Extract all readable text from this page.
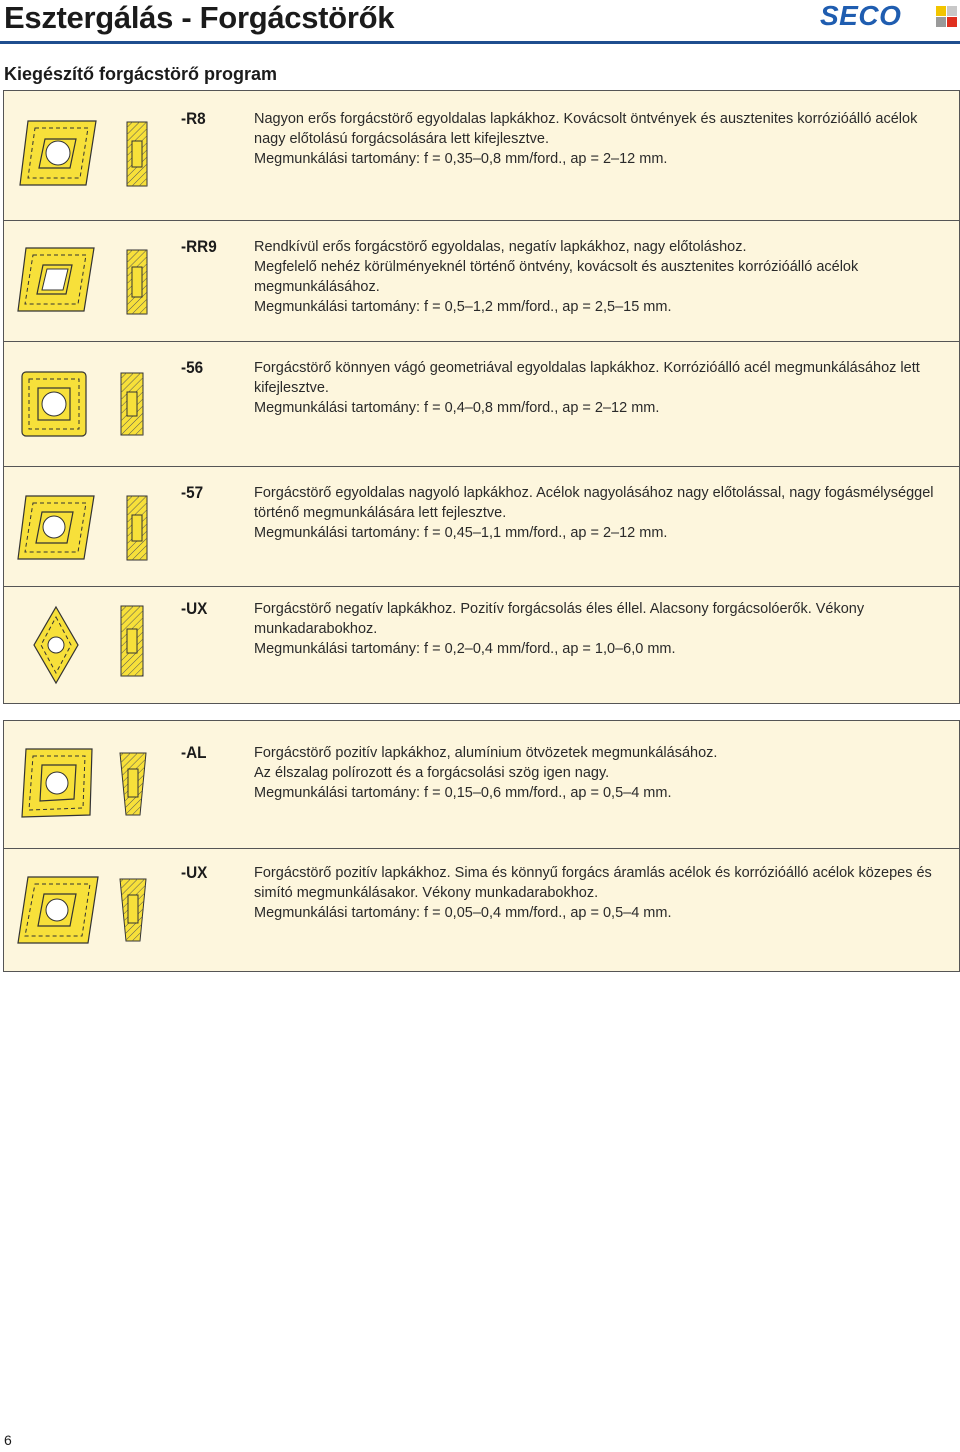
Esztergálás - Forgácstörők	SECO
Kiegészítő forgácstörő program
-R8	Nagyon erős forgácstörő egyoldalas lapkákhoz. Kovácsolt öntvények és ausztenites korrózióálló acélok
nagy előtolású forgácsolására lett kifejlesztve.
Megmunkálási tartomány: f = 0,35–0,8 mm/ford., ap = 2–12 mm.
-RR9	Rendkívül erős forgácstörő egyoldalas, negatív lapkákhoz, nagy előtoláshoz.
Megfelelő nehéz körülményeknél történő öntvény, kovácsolt és ausztenites korrózióálló acélok
megmunkálásához.
Megmunkálási tartomány: f = 0,5–1,2 mm/ford., ap = 2,5–15 mm.
-56	Forgácstörő könnyen vágó geometriával egyoldalas lapkákhoz. Korrózióálló acél megmunkálásához lett
kifejlesztve.
Megmunkálási tartomány: f = 0,4–0,8 mm/ford., ap = 2–12 mm.
-57	Forgácstörő egyoldalas nagyoló lapkákhoz. Acélok nagyolásához nagy előtolással, nagy fogásmélységgel
történő megmunkálására lett fejlesztve.
Megmunkálási tartomány: f = 0,45–1,1 mm/ford., ap = 2–12 mm.
-UX	Forgácstörő negatív lapkákhoz. Pozitív forgácsolás éles éllel. Alacsony forgácsolóerők. Vékony
munkadarabokhoz.
Megmunkálási tartomány: f = 0,2–0,4 mm/ford., ap = 1,0–6,0 mm.
-AL	Forgácstörő pozitív lapkákhoz, alumínium ötvözetek megmunkálásához.
Az élszalag polírozott és a forgácsolási szög igen nagy.
Megmunkálási tartomány: f = 0,15–0,6 mm/ford., ap = 0,5–4 mm.
-UX	Forgácstörő pozitív lapkákhoz. Sima és könnyű forgács áramlás acélok és korrózióálló acélok közepes és
simító megmunkálásakor. Vékony munkadarabokhoz.
Megmunkálási tartomány: f = 0,05–0,4 mm/ford., ap = 0,5–4 mm.
6
